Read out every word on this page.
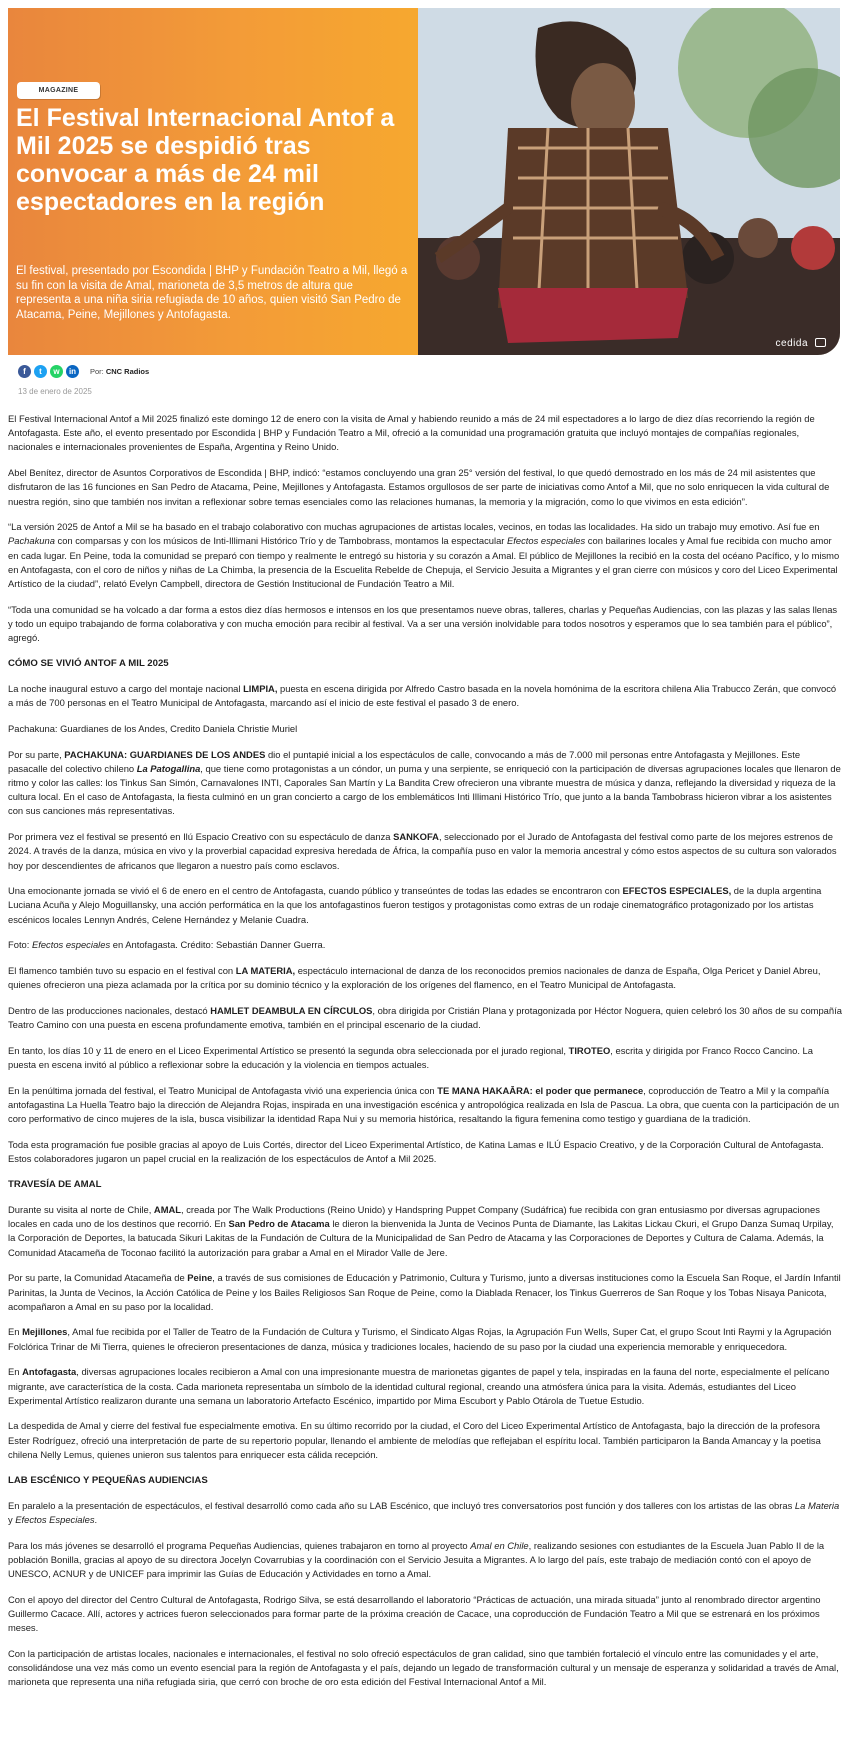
MAGAZINE
El Festival Internacional Antof a Mil 2025 se despidió tras convocar a más de 24 mil espectadores en la región

El festival, presentado por Escondida | BHP y Fundación Teatro a Mil, llegó a su fin con la visita de Amal, marioneta de 3,5 metros de altura que representa a una niña siria refugiada de 10 años, quien visitó San Pedro de Atacama, Peine, Mejillones y Antofagasta.

cedida
f	t	w	in	Por: CNC Radios
13 de enero de 2025

El Festival Internacional Antof a Mil 2025 finalizó este domingo 12 de enero con la visita de Amal y habiendo reunido a más de 24 mil espectadores a lo largo de diez días recorriendo la región de Antofagasta. Este año, el evento presentado por Escondida | BHP y Fundación Teatro a Mil, ofreció a la comunidad una programación gratuita que incluyó montajes de compañías regionales, nacionales e internacionales provenientes de España, Argentina y Reino Unido.

Abel Benítez, director de Asuntos Corporativos de Escondida | BHP, indicó: “estamos concluyendo una gran 25° versión del festival, lo que quedó demostrado en los más de 24 mil asistentes que disfrutaron de las 16 funciones en San Pedro de Atacama, Peine, Mejillones y Antofagasta. Estamos orgullosos de ser parte de iniciativas como Antof a Mil, que no solo enriquecen la vida cultural de nuestra región, sino que también nos invitan a reflexionar sobre temas esenciales como las relaciones humanas, la memoria y la migración, como lo que vivimos en esta edición”.

“La versión 2025 de Antof a Mil se ha basado en el trabajo colaborativo con muchas agrupaciones de artistas locales, vecinos, en todas las localidades. Ha sido un trabajo muy emotivo. Así fue en Pachakuna con comparsas y con los músicos de Inti-Illimani Histórico Trío y de Tambobrass, montamos la espectacular Efectos especiales con bailarines locales y Amal fue recibida con mucho amor en cada lugar. En Peine, toda la comunidad se preparó con tiempo y realmente le entregó su historia y su corazón a Amal. El público de Mejillones la recibió en la costa del océano Pacífico, y lo mismo en Antofagasta, con el coro de niños y niñas de La Chimba, la presencia de la Escuelita Rebelde de Chepuja, el Servicio Jesuita a Migrantes y el gran cierre con músicos y coro del Liceo Experimental Artístico de la ciudad”, relató Evelyn Campbell, directora de Gestión Institucional de Fundación Teatro a Mil.

“Toda una comunidad se ha volcado a dar forma a estos diez días hermosos e intensos en los que presentamos nueve obras, talleres, charlas y Pequeñas Audiencias, con las plazas y las salas llenas y todo un equipo trabajando de forma colaborativa y con mucha emoción para recibir al festival. Va a ser una versión inolvidable para todos nosotros y esperamos que lo sea también para el público”, agregó.

CÓMO SE VIVIÓ ANTOF A MIL 2025

La noche inaugural estuvo a cargo del montaje nacional LIMPIA, puesta en escena dirigida por Alfredo Castro basada en la novela homónima de la escritora chilena Alia Trabucco Zerán, que convocó a más de 700 personas en el Teatro Municipal de Antofagasta, marcando así el inicio de este festival el pasado 3 de enero.

Pachakuna: Guardianes de los Andes, Credito Daniela Christie Muriel

Por su parte, PACHAKUNA: GUARDIANES DE LOS ANDES dio el puntapié inicial a los espectáculos de calle, convocando a más de 7.000 mil personas entre Antofagasta y Mejillones. Este pasacalle del colectivo chileno La Patogallina, que tiene como protagonistas a un cóndor, un puma y una serpiente, se enriqueció con la participación de diversas agrupaciones locales que llenaron de ritmo y color las calles: los Tinkus San Simón, Carnavalones INTI, Caporales San Martín y La Bandita Crew ofrecieron una vibrante muestra de música y danza, reflejando la diversidad y riqueza de la cultura local. En el caso de Antofagasta, la fiesta culminó en un gran concierto a cargo de los emblemáticos Inti Illimani Histórico Trío, que junto a la banda Tambobrass hicieron vibrar a los asistentes con sus canciones más representativas.

Por primera vez el festival se presentó en Ilú Espacio Creativo con su espectáculo de danza SANKOFA, seleccionado por el Jurado de Antofagasta del festival como parte de los mejores estrenos de 2024. A través de la danza, música en vivo y la proverbial capacidad expresiva heredada de África, la compañía puso en valor la memoria ancestral y cómo estos aspectos de su cultura son valorados hoy por descendientes de africanos que llegaron a nuestro país como esclavos.

Una emocionante jornada se vivió el 6 de enero en el centro de Antofagasta, cuando público y transeúntes de todas las edades se encontraron con EFECTOS ESPECIALES, de la dupla argentina Luciana Acuña y Alejo Moguillansky, una acción performática en la que los antofagastinos fueron testigos y protagonistas como extras de un rodaje cinematográfico protagonizado por los artistas escénicos locales Lennyn Andrés, Celene Hernández y Melanie Cuadra.

Foto: Efectos especiales en Antofagasta. Crédito: Sebastián Danner Guerra.

El flamenco también tuvo su espacio en el festival con LA MATERIA, espectáculo internacional de danza de los reconocidos premios nacionales de danza de España, Olga Pericet y Daniel Abreu, quienes ofrecieron una pieza aclamada por la crítica por su dominio técnico y la exploración de los orígenes del flamenco, en el Teatro Municipal de Antofagasta.

Dentro de las producciones nacionales, destacó HAMLET DEAMBULA EN CÍRCULOS, obra dirigida por Cristián Plana y protagonizada por Héctor Noguera, quien celebró los 30 años de su compañía Teatro Camino con una puesta en escena profundamente emotiva, también en el principal escenario de la ciudad.

En tanto, los días 10 y 11 de enero en el Liceo Experimental Artístico se presentó la segunda obra seleccionada por el jurado regional, TIROTEO, escrita y dirigida por Franco Rocco Cancino. La puesta en escena invitó al público a reflexionar sobre la educación y la violencia en tiempos actuales.

En la penúltima jornada del festival, el Teatro Municipal de Antofagasta vivió una experiencia única con TE MANA HAKAĀRA: el poder que permanece, coproducción de Teatro a Mil y la compañía antofagastina La Huella Teatro bajo la dirección de Alejandra Rojas, inspirada en una investigación escénica y antropológica realizada en Isla de Pascua. La obra, que cuenta con la participación de un coro performativo de cinco mujeres de la isla, busca visibilizar la identidad Rapa Nui y su memoria histórica, resaltando la figura femenina como testigo y guardiana de la tradición.

Toda esta programación fue posible gracias al apoyo de Luis Cortés, director del Liceo Experimental Artístico, de Katina Lamas e ILÚ Espacio Creativo, y de la Corporación Cultural de Antofagasta. Estos colaboradores jugaron un papel crucial en la realización de los espectáculos de Antof a Mil 2025.

TRAVESÍA DE AMAL

Durante su visita al norte de Chile, AMAL, creada por The Walk Productions (Reino Unido) y Handspring Puppet Company (Sudáfrica) fue recibida con gran entusiasmo por diversas agrupaciones locales en cada uno de los destinos que recorrió. En San Pedro de Atacama le dieron la bienvenida la Junta de Vecinos Punta de Diamante, las Lakitas Lickau Ckuri, el Grupo Danza Sumaq Urpilay, la Corporación de Deportes, la batucada Sikuri Lakitas de la Fundación de Cultura de la Municipalidad de San Pedro de Atacama y las Corporaciones de Deportes y Cultura de Calama. Además, la Comunidad Atacameña de Toconao facilitó la autorización para grabar a Amal en el Mirador Valle de Jere.

Por su parte, la Comunidad Atacameña de Peine, a través de sus comisiones de Educación y Patrimonio, Cultura y Turismo, junto a diversas instituciones como la Escuela San Roque, el Jardín Infantil Parinitas, la Junta de Vecinos, la Acción Católica de Peine y los Bailes Religiosos San Roque de Peine, como la Diablada Renacer, los Tinkus Guerreros de San Roque y los Tobas Nisaya Panicota, acompañaron a Amal en su paso por la localidad.

En Mejillones, Amal fue recibida por el Taller de Teatro de la Fundación de Cultura y Turismo, el Sindicato Algas Rojas, la Agrupación Fun Wells, Super Cat, el grupo Scout Inti Raymi y la Agrupación Folclórica Trinar de Mi Tierra, quienes le ofrecieron presentaciones de danza, música y tradiciones locales, haciendo de su paso por la ciudad una experiencia memorable y enriquecedora.

En Antofagasta, diversas agrupaciones locales recibieron a Amal con una impresionante muestra de marionetas gigantes de papel y tela, inspiradas en la fauna del norte, especialmente el pelícano migrante, ave característica de la costa. Cada marioneta representaba un símbolo de la identidad cultural regional, creando una atmósfera única para la visita. Además, estudiantes del Liceo Experimental Artístico realizaron durante una semana un laboratorio Artefacto Escénico, impartido por Mima Escubort y Pablo Otárola de Tuetue Estudio.

La despedida de Amal y cierre del festival fue especialmente emotiva. En su último recorrido por la ciudad, el Coro del Liceo Experimental Artístico de Antofagasta, bajo la dirección de la profesora Ester Rodríguez, ofreció una interpretación de parte de su repertorio popular, llenando el ambiente de melodías que reflejaban el espíritu local. También participaron la Banda Amancay y la poetisa chilena Nelly Lemus, quienes unieron sus talentos para enriquecer esta cálida recepción.

LAB ESCÉNICO Y PEQUEÑAS AUDIENCIAS

En paralelo a la presentación de espectáculos, el festival desarrolló como cada año su LAB Escénico, que incluyó tres conversatorios post función y dos talleres con los artistas de las obras La Materia y Efectos Especiales.

Para los más jóvenes se desarrolló el programa Pequeñas Audiencias, quienes trabajaron en torno al proyecto Amal en Chile, realizando sesiones con estudiantes de la Escuela Juan Pablo II de la población Bonilla, gracias al apoyo de su directora Jocelyn Covarrubias y la coordinación con el Servicio Jesuita a Migrantes. A lo largo del país, este trabajo de mediación contó con el apoyo de UNESCO, ACNUR y de UNICEF para imprimir las Guías de Educación y Actividades en torno a Amal.

Con el apoyo del director del Centro Cultural de Antofagasta, Rodrigo Silva, se está desarrollando el laboratorio “Prácticas de actuación, una mirada situada” junto al renombrado director argentino Guillermo Cacace. Allí, actores y actrices fueron seleccionados para formar parte de la próxima creación de Cacace, una coproducción de Fundación Teatro a Mil que se estrenará en los próximos meses.

Con la participación de artistas locales, nacionales e internacionales, el festival no solo ofreció espectáculos de gran calidad, sino que también fortaleció el vínculo entre las comunidades y el arte, consolidándose una vez más como un evento esencial para la región de Antofagasta y el país, dejando un legado de transformación cultural y un mensaje de esperanza y solidaridad a través de Amal, marioneta que representa una niña refugiada siria, que cerró con broche de oro esta edición del Festival Internacional Antof a Mil.
